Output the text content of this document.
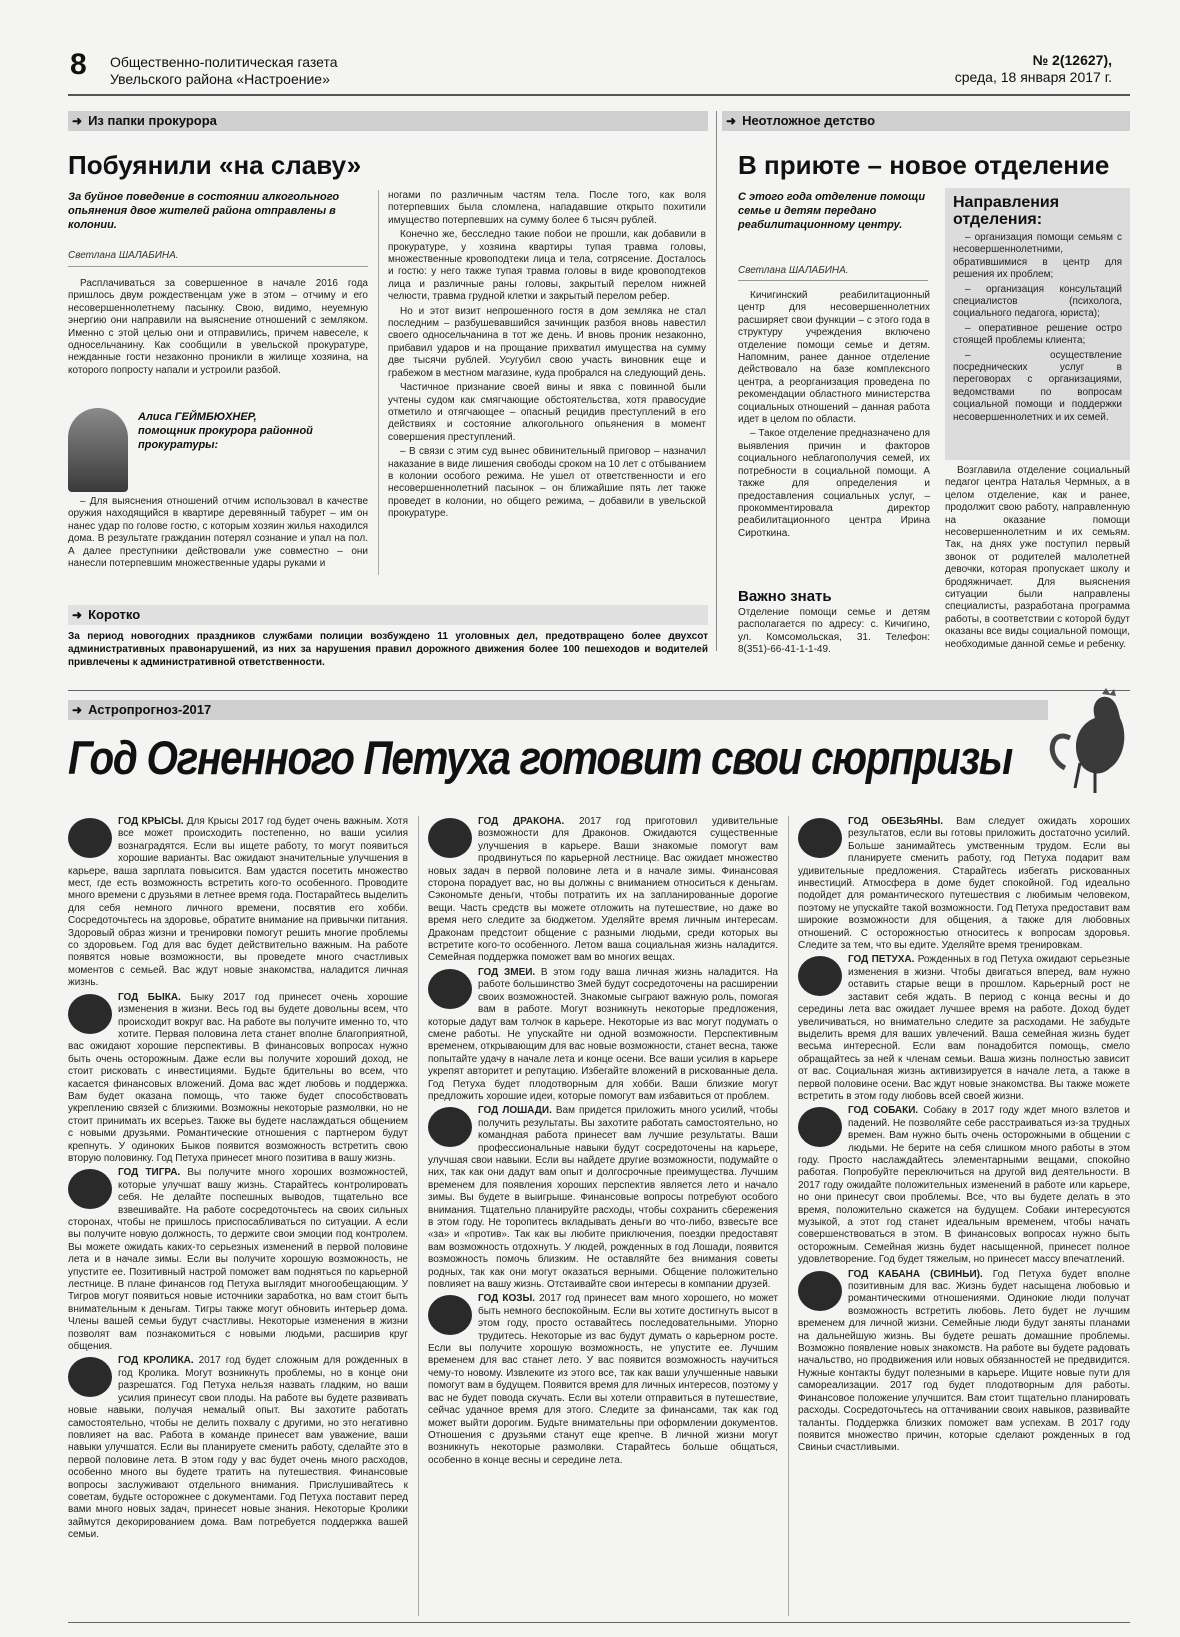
8 Общественно-политическая газета
Увельского района «Настроение»
№ 2(12627),
среда, 18 января 2017 г.
➜ Из папки прокурора
Побуянили «на славу»
За буйное поведение в состоянии алкогольного опьянения двое жителей района отправлены в колонии.
Светлана ШАЛАБИНА.

Расплачиваться за совершенное в начале 2016 года пришлось двум рождественцам уже в этом – отчиму и его несовершеннолетнему пасынку. Свою, видимо, неуемную энергию они направили на выяснение отношений с земляком. Именно с этой целью они и отправились, причем навеселе, к односельчанину. Как сообщили в увельской прокуратуре, нежданные гости незаконно проникли в жилище хозяина, на которого попросту напали и устроили разбой.

Алиса ГЕЙМБЮХНЕР,
помощник прокурора районной прокуратуры:

– Для выяснения отношений отчим использовал в качестве оружия находящийся в квартире деревянный табурет – им он нанес удар по голове гостю, с которым хозяин жилья находился дома. В результате гражданин потерял сознание и упал на пол. А далее преступники действовали уже совместно – они нанесли потерпевшим множественные удары руками и

ногами по различным частям тела. После того, как воля потерпевших была сломлена, нападавшие открыто похитили имущество потерпевших на сумму более 6 тысяч рублей.

Конечно же, бесследно такие побои не прошли, как добавили в прокуратуре, у хозяина квартиры тупая травма головы, множественные кровоподтеки лица и тела, сотрясение. Досталось и гостю: у него также тупая травма головы в виде кровоподтеков лица и различные раны головы, закрытый перелом нижней челюсти, травма грудной клетки и закрытый перелом ребер.

Но и этот визит непрошенного гостя в дом земляка не стал последним – разбушевавшийся зачинщик разбоя вновь навестил своего односельчанина в тот же день. И вновь проник незаконно, прибавил ударов и на прощание прихватил имущества на сумму две тысячи рублей. Усугубил свою участь виновник еще и грабежом в местном магазине, куда пробрался на следующий день.

Частичное признание своей вины и явка с повинной были учтены судом как смягчающие обстоятельства, хотя правосудие отметило и отягчающее – опасный рецидив преступлений в его действиях и состояние алкогольного опьянения в момент совершения преступлений.

– В связи с этим суд вынес обвинительный приговор – назначил наказание в виде лишения свободы сроком на 10 лет с отбыванием в колонии особого режима. Не ушел от ответственности и его несовершеннолетний пасынок – он ближайшие пять лет также проведет в колонии, но общего режима, – добавили в увельской прокуратуре.

➜ Неотложное детство
В приюте – новое отделение
С этого года отделение помощи семье и детям передано реабилитационному центру.
Светлана ШАЛАБИНА.

Кичигинский реабилитационный центр для несовершеннолетних расширяет свои функции – с этого года в структуру учреждения включено отделение помощи семье и детям. Напомним, ранее данное отделение действовало на базе комплексного центра, а реорганизация проведена по рекомендации областного министерства социальных отношений – данная работа идет в целом по области.

– Такое отделение предназначено для выявления причин и факторов социального неблагополучия семей, их потребности в социальной помощи. А также для определения и предоставления социальных услуг, – прокомментировала директор реабилитационного центра Ирина Сироткина.

Направления отделения:

– организация помощи семьям с несовершеннолетними, обратившимися в центр для решения их проблем;

– организация консультаций специалистов (психолога, социального педагога, юриста);

– оперативное решение остро стоящей проблемы клиента;

– осуществление посреднических услуг в переговорах с организациями, ведомствами по вопросам социальной помощи и поддержки несовершеннолетних и их семей.

Возглавила отделение социальный педагог центра Наталья Чермных, а в целом отделение, как и ранее, продолжит свою работу, направленную на оказание помощи несовершеннолетним и их семьям. Так, на днях уже поступил первый звонок от родителей малолетней девочки, которая пропускает школу и бродяжничает. Для выяснения ситуации были направлены специалисты, разработана программа работы, в соответствии с которой будут оказаны все виды социальной помощи, необходимые данной семье и ребенку.

Важно знать
Отделение помощи семье и детям располагается по адресу: с. Кичигино, ул. Комсомольская, 31. Телефон: 8(351)-66-41-1-1-49.
➜ Коротко
За период новогодних праздников службами полиции возбуждено 11 уголовных дел, предотвращено более двухсот административных правонарушений, из них за нарушения правил дорожного движения более 100 пешеходов и водителей привлечены к административной ответственности.
➜ Астропрогноз-2017
Год Огненного Петуха готовит свои сюрпризы

ГОД КРЫСЫ. Для Крысы 2017 год будет очень важным. Хотя все может происходить постепенно, но ваши усилия вознаградятся. Если вы ищете работу, то могут появиться хорошие варианты. Вас ожидают значительные улучшения в карьере, ваша зарплата повысится. Вам удастся посетить множество мест, где есть возможность встретить кого-то особенного. Проводите много времени с друзьями в летнее время года. Постарайтесь выделить для себя немного личного времени, посвятив его хобби. Сосредоточьтесь на здоровье, обратите внимание на привычки питания. Здоровый образ жизни и тренировки помогут решить многие проблемы со здоровьем. Год для вас будет действительно важным. На работе появятся новые возможности, вы проведете много счастливых моментов с семьей. Вас ждут новые знакомства, наладится личная жизнь.

ГОД БЫКА. Быку 2017 год принесет очень хорошие изменения в жизни. Весь год вы будете довольны всем, что происходит вокруг вас. На работе вы получите именно то, что хотите. Первая половина лета станет вполне благоприятной, вас ожидают хорошие перспективы. В финансовых вопросах нужно быть очень осторожным. Даже если вы получите хороший доход, не стоит рисковать с инвестициями. Будьте бдительны во всем, что касается финансовых вложений. Дома вас ждет любовь и поддержка. Вам будет оказана помощь, что также будет способствовать укреплению связей с близкими. Возможны некоторые размолвки, но не стоит принимать их всерьез. Также вы будете наслаждаться общением с новыми друзьями. Романтические отношения с партнером будут крепнуть. У одиноких Быков появится возможность встретить свою вторую половинку. Год Петуха принесет много позитива в вашу жизнь.

ГОД ТИГРА. Вы получите много хороших возможностей, которые улучшат вашу жизнь. Старайтесь контролировать себя. Не делайте поспешных выводов, тщательно все взвешивайте. На работе сосредоточьтесь на своих сильных сторонах, чтобы не пришлось приспосабливаться по ситуации. А если вы получите новую должность, то держите свои эмоции под контролем. Вы можете ожидать каких-то серьезных изменений в первой половине лета и в начале зимы. Если вы получите хорошую возможность, не упустите ее. Позитивный настрой поможет вам подняться по карьерной лестнице. В плане финансов год Петуха выглядит многообещающим. У Тигров могут появиться новые источники заработка, но вам стоит быть внимательным к деньгам. Тигры также могут обновить интерьер дома. Члены вашей семьи будут счастливы. Некоторые изменения в жизни позволят вам познакомиться с новыми людьми, расширив круг общения.

ГОД КРОЛИКА. 2017 год будет сложным для рожденных в год Кролика. Могут возникнуть проблемы, но в конце они разрешатся. Год Петуха нельзя назвать гладким, но ваши усилия принесут свои плоды. На работе вы будете развивать новые навыки, получая немалый опыт. Вы захотите работать самостоятельно, чтобы не делить похвалу с другими, но это негативно повлияет на вас. Работа в команде принесет вам уважение, ваши навыки улучшатся. Если вы планируете сменить работу, сделайте это в первой половине лета. В этом году у вас будет очень много расходов, особенно много вы будете тратить на путешествия. Финансовые вопросы заслуживают отдельного внимания. Прислушивайтесь к советам, будьте осторожнее с документами. Год Петуха поставит перед вами много новых задач, принесет новые знания. Некоторые Кролики займутся декорированием дома. Вам потребуется поддержка вашей семьи.

ГОД ДРАКОНА. 2017 год приготовил удивительные возможности для Драконов. Ожидаются существенные улучшения в карьере. Ваши знакомые помогут вам продвинуться по карьерной лестнице. Вас ожидает множество новых задач в первой половине лета и в начале зимы. Финансовая сторона порадует вас, но вы должны с вниманием относиться к деньгам. Сэкономьте деньги, чтобы потратить их на запланированные дорогие вещи. Часть средств вы можете отложить на путешествие, но даже во время него следите за бюджетом. Уделяйте время личным интересам. Драконам предстоит общение с разными людьми, среди которых вы встретите кого-то особенного. Летом ваша социальная жизнь наладится. Семейная поддержка поможет вам во многих вещах.

ГОД ЗМЕИ. В этом году ваша личная жизнь наладится. На работе большинство Змей будут сосредоточены на расширении своих возможностей. Знакомые сыграют важную роль, помогая вам в работе. Могут возникнуть некоторые предложения, которые дадут вам толчок в карьере. Некоторые из вас могут подумать о смене работы. Не упускайте ни одной возможности. Перспективным временем, открывающим для вас новые возможности, станет весна, также попытайте удачу в начале лета и конце осени. Все ваши усилия в карьере укрепят авторитет и репутацию. Избегайте вложений в рискованные дела. Год Петуха будет плодотворным для хобби. Ваши близкие могут предложить хорошие идеи, которые помогут вам избавиться от проблем.

ГОД ЛОШАДИ. Вам придется приложить много усилий, чтобы получить результаты. Вы захотите работать самостоятельно, но командная работа принесет вам лучшие результаты. Ваши профессиональные навыки будут сосредоточены на карьере, улучшая свои навыки. Если вы найдете другие возможности, подумайте о них, так как они дадут вам опыт и долгосрочные преимущества. Лучшим временем для появления хороших перспектив является лето и начало зимы. Вы будете в выигрыше. Финансовые вопросы потребуют особого внимания. Тщательно планируйте расходы, чтобы сохранить сбережения в этом году. Не торопитесь вкладывать деньги во что-либо, взвесьте все «за» и «против». Так как вы любите приключения, поездки предоставят вам возможность отдохнуть. У людей, рожденных в год Лошади, появится возможность помочь близким. Не оставляйте без внимания советы родных, так как они могут оказаться верными. Общение положительно повлияет на вашу жизнь. Отстаивайте свои интересы в компании друзей.

ГОД КОЗЫ. 2017 год принесет вам много хорошего, но может быть немного беспокойным. Если вы хотите достигнуть высот в этом году, просто оставайтесь последовательными. Упорно трудитесь. Некоторые из вас будут думать о карьерном росте. Если вы получите хорошую возможность, не упустите ее. Лучшим временем для вас станет лето. У вас появится возможность научиться чему-то новому. Извлеките из этого все, так как ваши улучшенные навыки помогут вам в будущем. Появится время для личных интересов, поэтому у вас не будет повода скучать. Если вы хотели отправиться в путешествие, сейчас удачное время для этого. Следите за финансами, так как год может выйти дорогим. Будьте внимательны при оформлении документов. Отношения с друзьями станут еще крепче. В личной жизни могут возникнуть некоторые размолвки. Старайтесь больше общаться, особенно в конце весны и середине лета.

ГОД ОБЕЗЬЯНЫ. Вам следует ожидать хороших результатов, если вы готовы приложить достаточно усилий. Больше занимайтесь умственным трудом. Если вы планируете сменить работу, год Петуха подарит вам удивительные предложения. Старайтесь избегать рискованных инвестиций. Атмосфера в доме будет спокойной. Год идеально подойдет для романтического путешествия с любимым человеком, поэтому не упускайте такой возможности. Год Петуха предоставит вам широкие возможности для общения, а также для любовных отношений. С осторожностью относитесь к вопросам здоровья. Следите за тем, что вы едите. Уделяйте время тренировкам.

ГОД ПЕТУХА. Рожденных в год Петуха ожидают серьезные изменения в жизни. Чтобы двигаться вперед, вам нужно оставить старые вещи в прошлом. Карьерный рост не заставит себя ждать. В период с конца весны и до середины лета вас ожидает лучшее время на работе. Доход будет увеличиваться, но внимательно следите за расходами. Не забудьте выделить время для ваших увлечений. Ваша семейная жизнь будет весьма интересной. Если вам понадобится помощь, смело обращайтесь за ней к членам семьи. Ваша жизнь полностью зависит от вас. Социальная жизнь активизируется в начале лета, а также в первой половине осени. Вас ждут новые знакомства. Вы также можете встретить в этом году любовь всей своей жизни.

ГОД СОБАКИ. Собаку в 2017 году ждет много взлетов и падений. Не позволяйте себе расстраиваться из-за трудных времен. Вам нужно быть очень осторожными в общении с людьми. Не берите на себя слишком много работы в этом году. Просто наслаждайтесь элементарными вещами, спокойно работая. Попробуйте переключиться на другой вид деятельности. В 2017 году ожидайте положительных изменений в работе или карьере, но они принесут свои проблемы. Все, что вы будете делать в это время, положительно скажется на будущем. Собаки интересуются музыкой, а этот год станет идеальным временем, чтобы начать совершенствоваться в этом. В финансовых вопросах нужно быть осторожным. Семейная жизнь будет насыщенной, принесет полное удовлетворение. Год будет тяжелым, но принесет массу впечатлений.

ГОД КАБАНА (СВИНЬИ). Год Петуха будет вполне позитивным для вас. Жизнь будет насыщена любовью и романтическими отношениями. Одинокие люди получат возможность встретить любовь. Лето будет не лучшим временем для личной жизни. Семейные люди будут заняты планами на дальнейшую жизнь. Вы будете решать домашние проблемы. Возможно появление новых знакомств. На работе вы будете радовать начальство, но продвижения или новых обязанностей не предвидится. Нужные контакты будут полезными в карьере. Ищите новые пути для самореализации. 2017 год будет плодотворным для работы. Финансовое положение улучшится. Вам стоит тщательно планировать расходы. Сосредоточьтесь на оттачивании своих навыков, развивайте таланты. Поддержка близких поможет вам успехам. В 2017 году появится множество причин, которые сделают рожденных в год Свиньи счастливыми.
